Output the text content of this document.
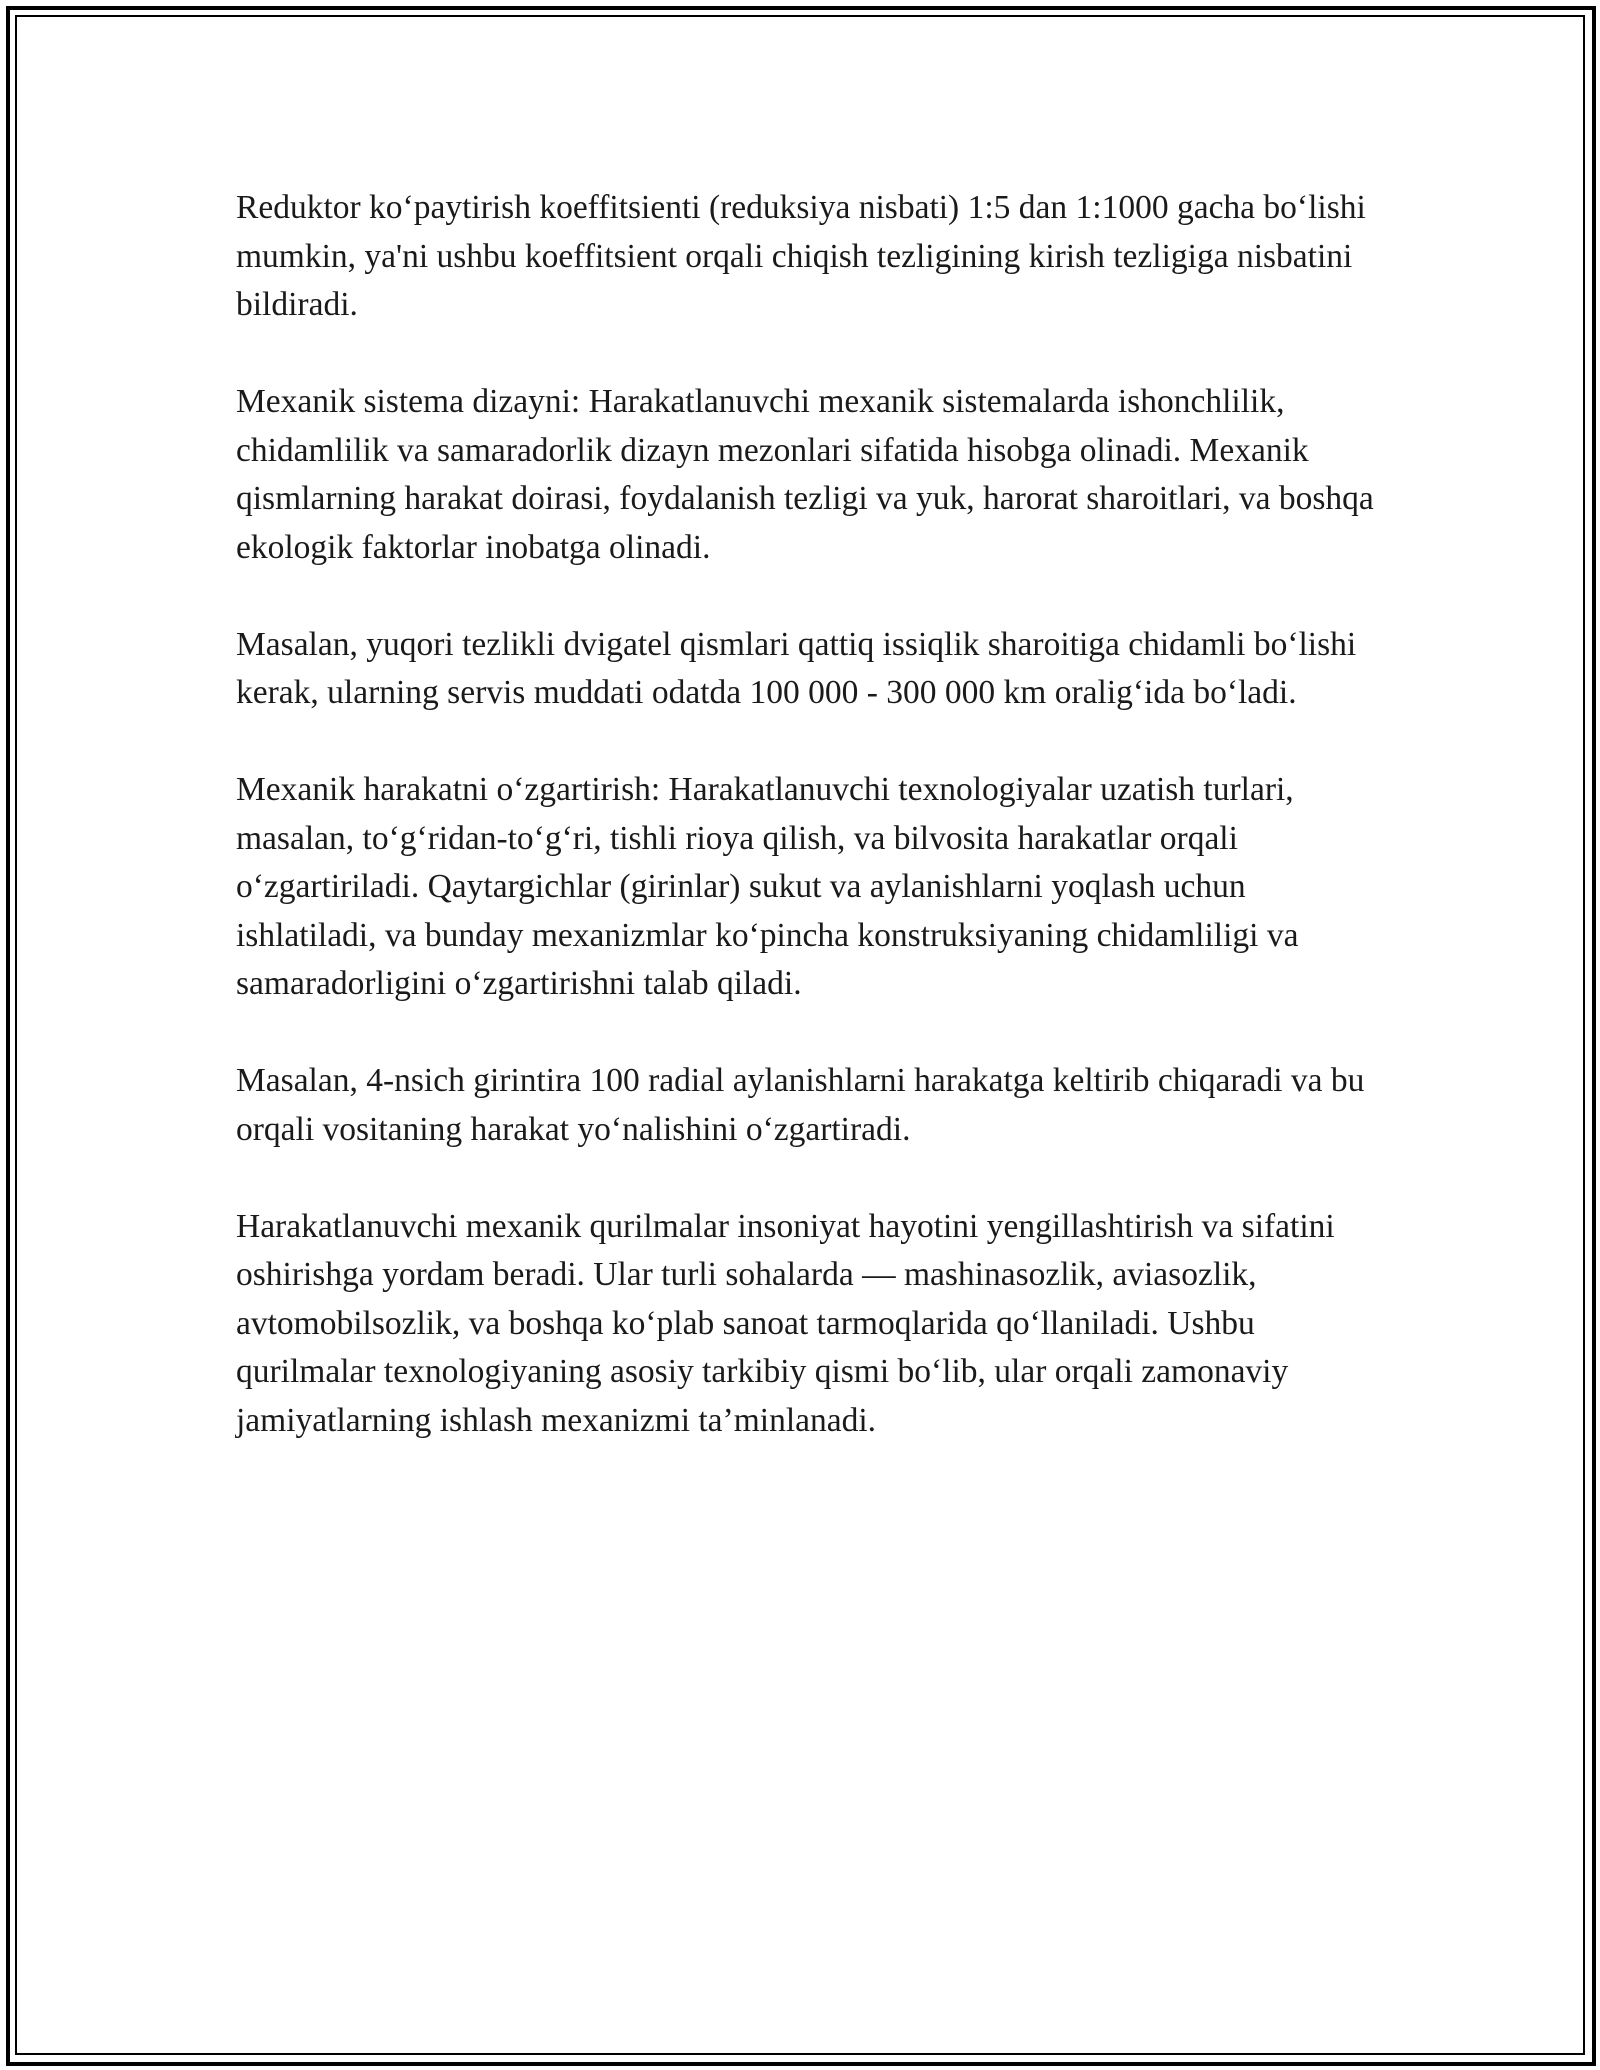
Reduktor ko‘paytirish koeffitsienti (reduksiya nisbati) 1:5 dan 1:1000 gacha bo‘lishi mumkin, ya'ni ushbu koeffitsient orqali chiqish tezligining kirish tezligiga nisbatini bildiradi.

Mexanik sistema dizayni: Harakatlanuvchi mexanik sistemalarda ishonchlilik, chidamlilik va samaradorlik dizayn mezonlari sifatida hisobga olinadi. Mexanik qismlarning harakat doirasi, foydalanish tezligi va yuk, harorat sharoitlari, va boshqa ekologik faktorlar inobatga olinadi.

Masalan, yuqori tezlikli dvigatel qismlari qattiq issiqlik sharoitiga chidamli bo‘lishi kerak, ularning servis muddati odatda 100 000 - 300 000 km oralig‘ida bo‘ladi.

Mexanik harakatni o‘zgartirish: Harakatlanuvchi texnologiyalar uzatish turlari, masalan, to‘g‘ridan-to‘g‘ri, tishli rioya qilish, va bilvosita harakatlar orqali o‘zgartiriladi. Qaytargichlar (girinlar) sukut va aylanishlarni yoqlash uchun ishlatiladi, va bunday mexanizmlar ko‘pincha konstruksiyaning chidamliligi va samaradorligini o‘zgartirishni talab qiladi.

Masalan, 4-nsich girintira 100 radial aylanishlarni harakatga keltirib chiqaradi va bu orqali vositaning harakat yo‘nalishini o‘zgartiradi.

Harakatlanuvchi mexanik qurilmalar insoniyat hayotini yengillashtirish va sifatini oshirishga yordam beradi. Ular turli sohalarda — mashinasozlik, aviasozlik, avtomobilsozlik, va boshqa ko‘plab sanoat tarmoqlarida qo‘llaniladi. Ushbu qurilmalar texnologiyaning asosiy tarkibiy qismi bo‘lib, ular orqali zamonaviy jamiyatlarning ishlash mexanizmi ta’minlanadi.
